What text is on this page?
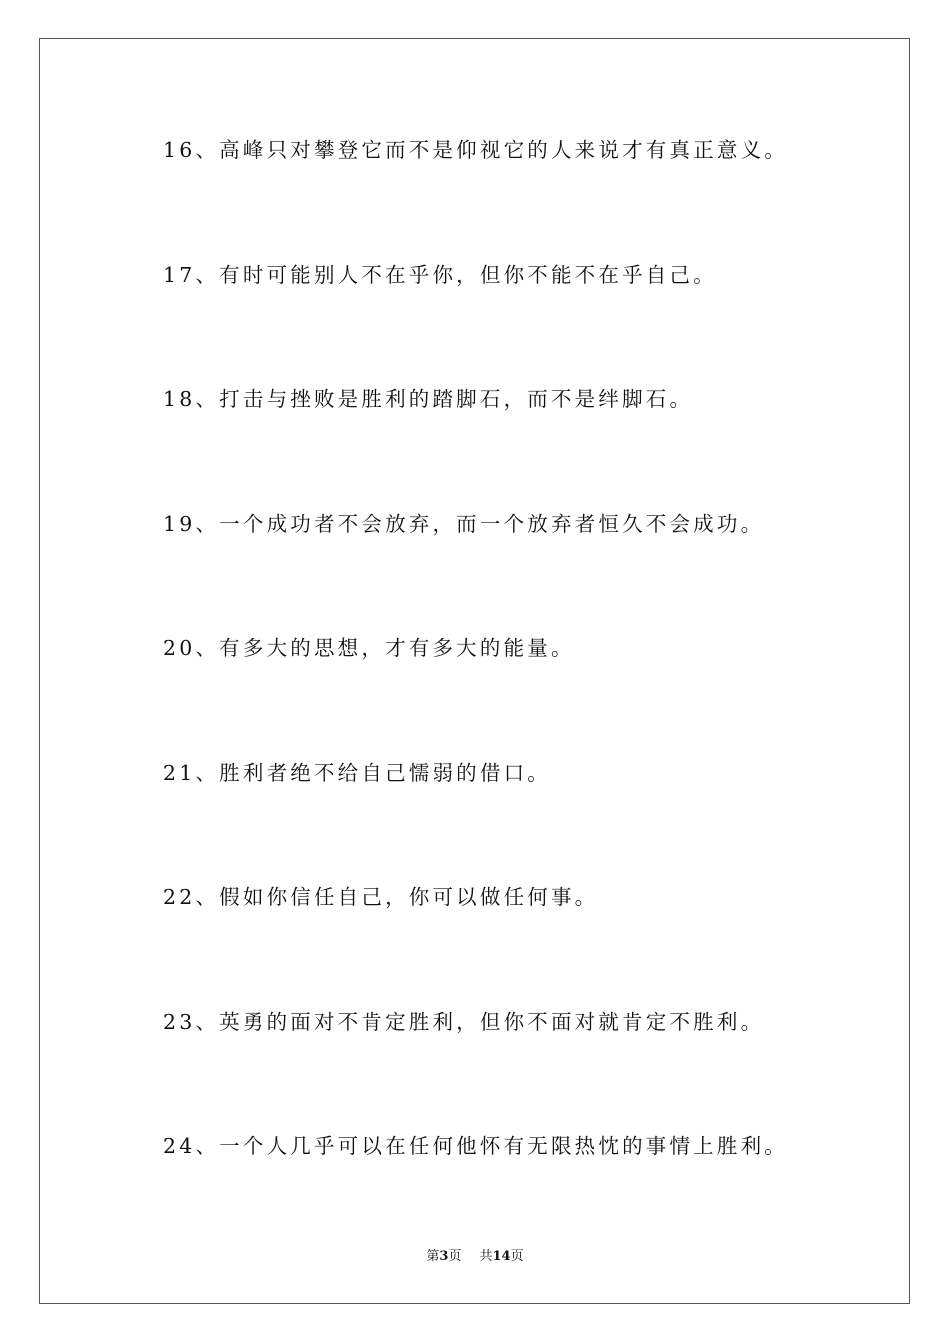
16、高峰只对攀登它而不是仰视它的人来说才有真正意义。
17、有时可能别人不在乎你，但你不能不在乎自己。
18、打击与挫败是胜利的踏脚石，而不是绊脚石。
19、一个成功者不会放弃，而一个放弃者恒久不会成功。
20、有多大的思想，才有多大的能量。
21、胜利者绝不给自己懦弱的借口。
22、假如你信任自己，你可以做任何事。
23、英勇的面对不肯定胜利，但你不面对就肯定不胜利。
24、一个人几乎可以在任何他怀有无限热忱的事情上胜利。
第3页 共14页
